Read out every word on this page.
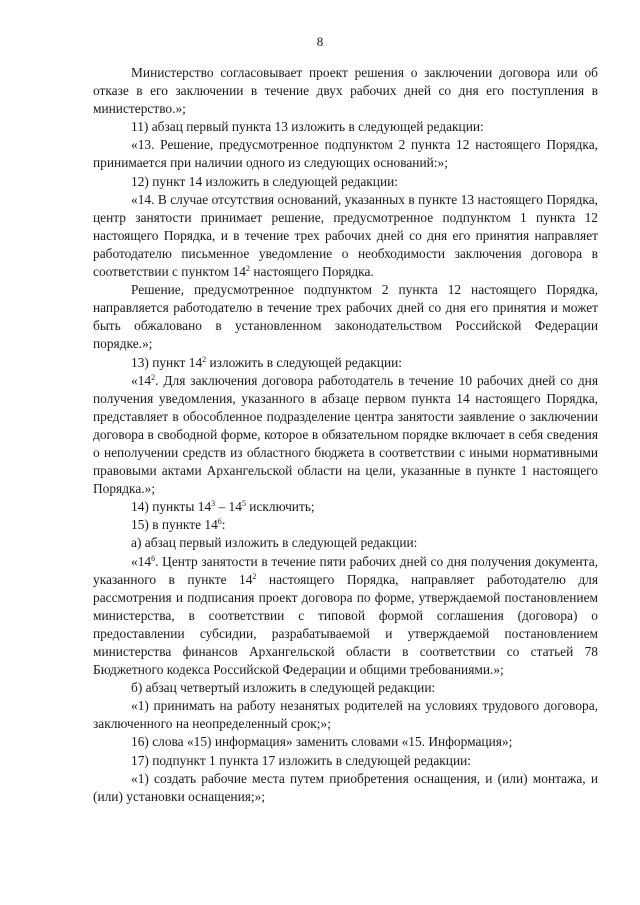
8

Министерство согласовывает проект решения о заключении договора или об отказе в его заключении в течение двух рабочих дней со дня его поступления в министерство.»;

11) абзац первый пункта 13 изложить в следующей редакции:

«13. Решение, предусмотренное подпунктом 2 пункта 12 настоящего Порядка, принимается при наличии одного из следующих оснований:»;

12) пункт 14 изложить в следующей редакции:

«14. В случае отсутствия оснований, указанных в пункте 13 настоящего Порядка, центр занятости принимает решение, предусмотренное подпунктом 1 пункта 12 настоящего Порядка, и в течение трех рабочих дней со дня его принятия направляет работодателю письменное уведомление о необходимости заключения договора в соответствии с пунктом $14^2$ настоящего Порядка.

Решение, предусмотренное подпунктом 2 пункта 12 настоящего Порядка, направляется работодателю в течение трех рабочих дней со дня его принятия и может быть обжаловано в установленном законодательством Российской Федерации порядке.»;

13) пункт $14^2$ изложить в следующей редакции:

«$14^2$. Для заключения договора работодатель в течение 10 рабочих дней со дня получения уведомления, указанного в абзаце первом пункта 14 настоящего Порядка, представляет в обособленное подразделение центра занятости заявление о заключении договора в свободной форме, которое в обязательном порядке включает в себя сведения о неполучении средств из областного бюджета в соответствии с иными нормативными правовыми актами Архангельской области на цели, указанные в пункте 1 настоящего Порядка.»;

14) пункты $14^3 - 14^5$ исключить;

15) в пункте $14^6$:

а) абзац первый изложить в следующей редакции:

«$14^6$. Центр занятости в течение пяти рабочих дней со дня получения документа, указанного в пункте $14^2$ настоящего Порядка, направляет работодателю для рассмотрения и подписания проект договора по форме, утверждаемой постановлением министерства, в соответствии с типовой формой соглашения (договора) о предоставлении субсидии, разрабатываемой и утверждаемой постановлением министерства финансов Архангельской области в соответствии со статьей 78 Бюджетного кодекса Российской Федерации и общими требованиями.»;

б) абзац четвертый изложить в следующей редакции:

«1) принимать на работу незанятых родителей на условиях трудового договора, заключенного на неопределенный срок;»;

16) слова «15) информация» заменить словами «15. Информация»;

17) подпункт 1 пункта 17 изложить в следующей редакции:

«1) создать рабочие места путем приобретения оснащения, и (или) монтажа, и (или) установки оснащения;»;
